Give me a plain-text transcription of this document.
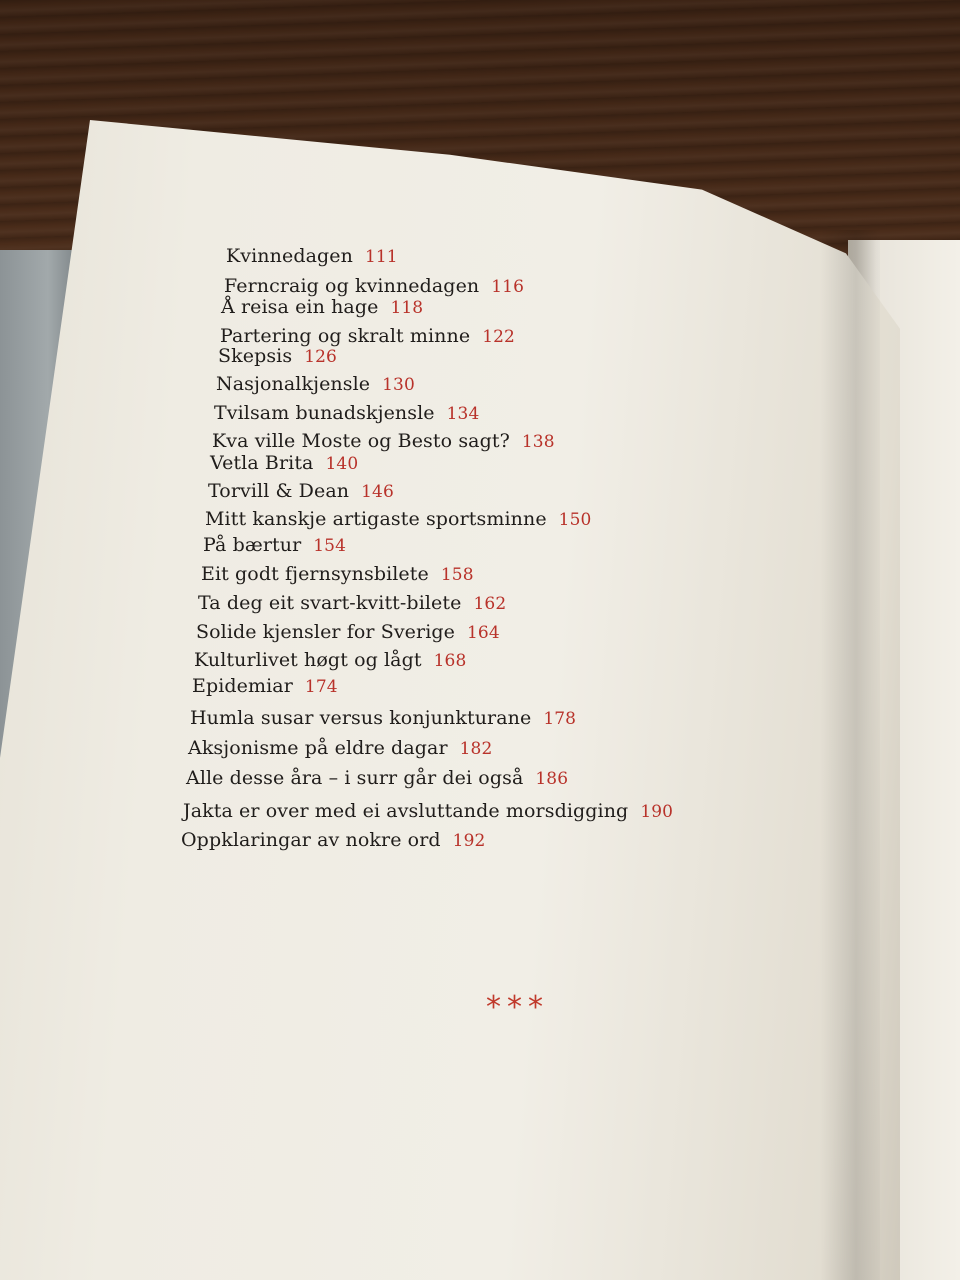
Kvinnedagen 111
Ferncraig og kvinnedagen 116
Å reisa ein hage 118
Partering og skralt minne 122
Skepsis 126
Nasjonalkjensle 130
Tvilsam bunadskjensle 134
Kva ville Moste og Besto sagt? 138
Vetla Brita 140
Torvill & Dean 146
Mitt kanskje artigaste sportsminne 150
På bærtur 154
Eit godt fjernsynsbilete 158
Ta deg eit svart-kvitt-bilete 162
Solide kjensler for Sverige 164
Kulturlivet høgt og lågt 168
Epidemiar 174
Humla susar versus konjunkturane 178
Aksjonisme på eldre dagar 182
Alle desse åra – i surr går dei også 186
Jakta er over med ei avsluttande morsdigging 190
Oppklaringar av nokre ord 192
***
